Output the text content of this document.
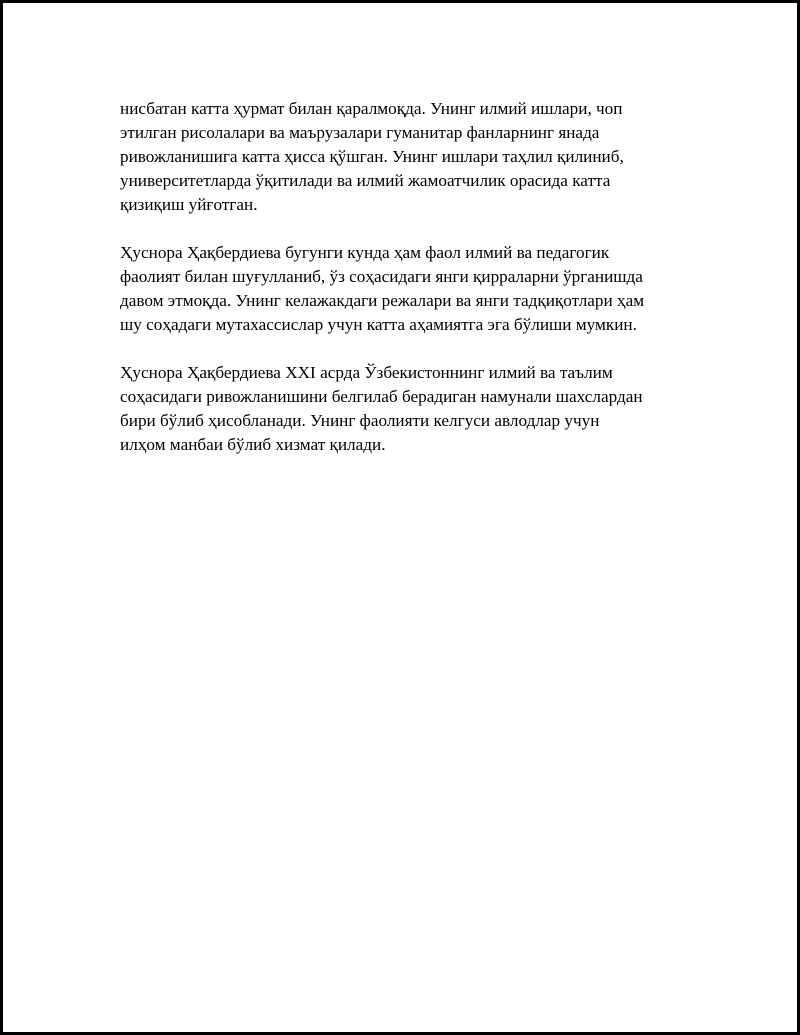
нисбатан катта ҳурмат билан қаралмоқда. Унинг илмий ишлари, чоп
этилган рисолалари ва маърузалари гуманитар фанларнинг янада
ривожланишига катта ҳисса қўшган. Унинг ишлари таҳлил қилиниб,
университетларда ўқитилади ва илмий жамоатчилик орасида катта
қизиқиш уйғотган.

Ҳуснора Ҳақбердиева бугунги кунда ҳам фаол илмий ва педагогик
фаолият билан шуғулланиб, ўз соҳасидаги янги қирраларни ўрганишда
давом этмоқда. Унинг келажакдаги режалари ва янги тадқиқотлари ҳам
шу соҳадаги мутахассислар учун катта аҳамиятга эга бўлиши мумкин.

Ҳуснора Ҳақбердиева XXI асрда Ўзбекистоннинг илмий ва таълим
соҳасидаги ривожланишини белгилаб берадиган намунали шахслардан
бири бўлиб ҳисобланади. Унинг фаолияти келгуси авлодлар учун
илҳом манбаи бўлиб хизмат қилади.
